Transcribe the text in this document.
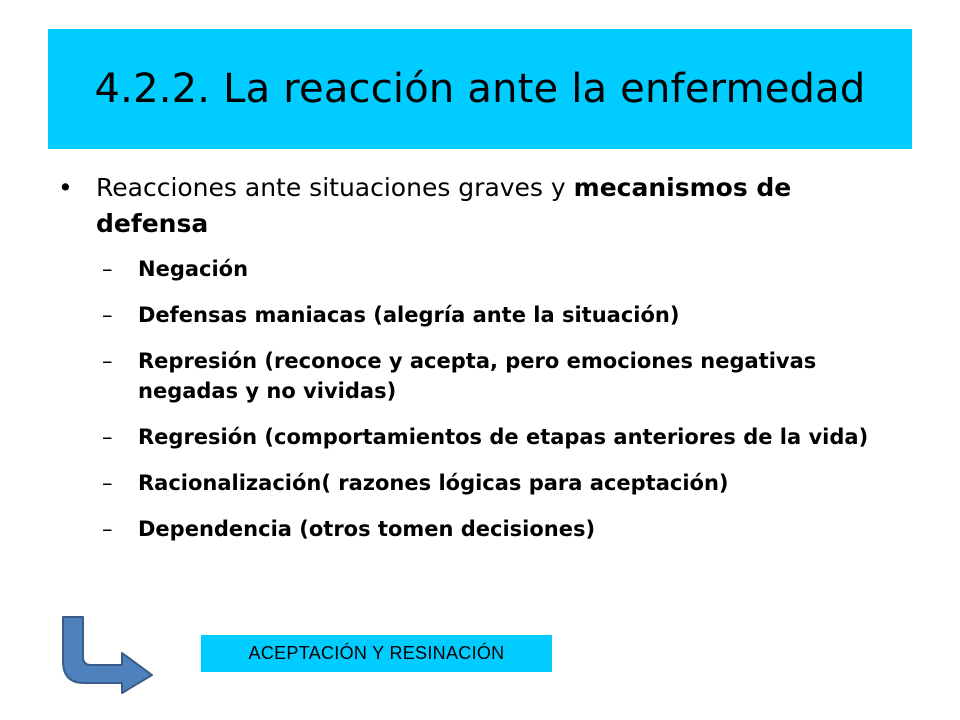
4.2.2. La reacción ante la enfermedad
• Reacciones ante situaciones graves y mecanismos de defensa
– Negación
– Defensas maniacas (alegría ante la situación)
– Represión (reconoce y acepta, pero emociones negativas negadas y no vividas)
– Regresión (comportamientos de etapas anteriores de la vida)
– Racionalización( razones lógicas para aceptación)
– Dependencia (otros tomen decisiones)
ACEPTACIÓN Y RESINACIÓN
